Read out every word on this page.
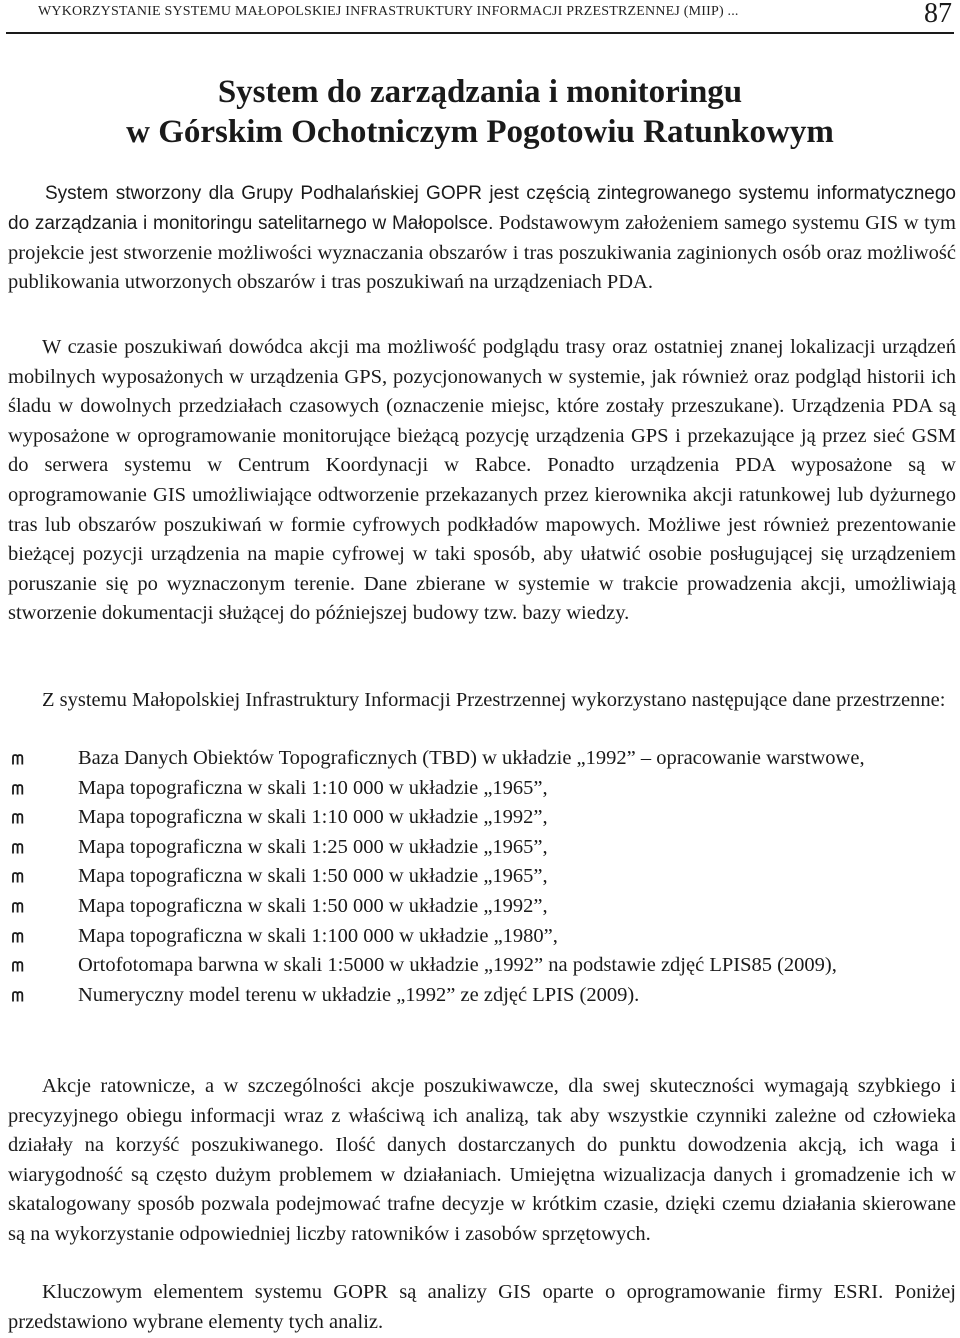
WYKORZYSTANIE SYSTEMU MAŁOPOLSKIEJ INFRASTRUKTURY INFORMACJI PRZESTRZENNEJ (MIIP) ...	87
System do zarządzania i monitoringu
w Górskim Ochotniczym Pogotowiu Ratunkowym

System stworzony dla Grupy Podhalańskiej GOPR jest częścią zintegrowanego systemu informatycznego do zarządzania i monitoringu satelitarnego w Małopolsce. Podstawowym założeniem samego systemu GIS w tym projekcie jest stworzenie możliwości wyznaczania obszarów i tras poszukiwania zaginionych osób oraz możliwość publikowania utworzonych obszarów i tras poszukiwań na urządzeniach PDA.

W czasie poszukiwań dowódca akcji ma możliwość podglądu trasy oraz ostatniej znanej lokalizacji urządzeń mobilnych wyposażonych w urządzenia GPS, pozycjonowanych w systemie, jak również oraz podgląd historii ich śladu w dowolnych przedziałach czasowych (oznaczenie miejsc, które zostały przeszukane). Urządzenia PDA są wyposażone w oprogramowanie monitorujące bieżącą pozycję urządzenia GPS i przekazujące ją przez sieć GSM do serwera systemu w Centrum Koordynacji w Rabce. Ponadto urządzenia PDA wyposażone są w oprogramowanie GIS umożliwiające odtworzenie przekazanych przez kierownika akcji ratunkowej lub dyżurnego tras lub obszarów poszukiwań w formie cyfrowych podkładów mapowych. Możliwe jest również prezentowanie bieżącej pozycji urządzenia na mapie cyfrowej w taki sposób, aby ułatwić osobie posługującej się urządzeniem poruszanie się po wyznaczonym terenie. Dane zbierane w systemie w trakcie prowadzenia akcji, umożliwiają stworzenie dokumentacji służącej do późniejszej budowy tzw. bazy wiedzy.

Z systemu Małopolskiej Infrastruktury Informacji Przestrzennej wykorzystano następujące dane przestrzenne:

Baza Danych Obiektów Topograficznych (TBD) w układzie „1992” – opracowanie warstwowe,
Mapa topograficzna w skali 1:10 000 w układzie „1965”,
Mapa topograficzna w skali 1:10 000 w układzie „1992”,
Mapa topograficzna w skali 1:25 000 w układzie „1965”,
Mapa topograficzna w skali 1:50 000 w układzie „1965”,
Mapa topograficzna w skali 1:50 000 w układzie „1992”,
Mapa topograficzna w skali 1:100 000 w układzie „1980”,
Ortofotomapa barwna w skali 1:5000 w układzie „1992” na podstawie zdjęć LPIS85 (2009),
Numeryczny model terenu w układzie „1992” ze zdjęć LPIS (2009).

Akcje ratownicze, a w szczególności akcje poszukiwawcze, dla swej skuteczności wymagają szybkiego i precyzyjnego obiegu informacji wraz z właściwą ich analizą, tak aby wszystkie czynniki zależne od człowieka działały na korzyść poszukiwanego. Ilość danych dostarczanych do punktu dowodzenia akcją, ich waga i wiarygodność są często dużym problemem w działaniach. Umiejętna wizualizacja danych i gromadzenie ich w skatalogowany sposób pozwala podejmować trafne decyzje w krótkim czasie, dzięki czemu działania skierowane są na wykorzystanie odpowiedniej liczby ratowników i zasobów sprzętowych.

Kluczowym elementem systemu GOPR są analizy GIS oparte o oprogramowanie firmy ESRI. Poniżej przedstawiono wybrane elementy tych analiz.
